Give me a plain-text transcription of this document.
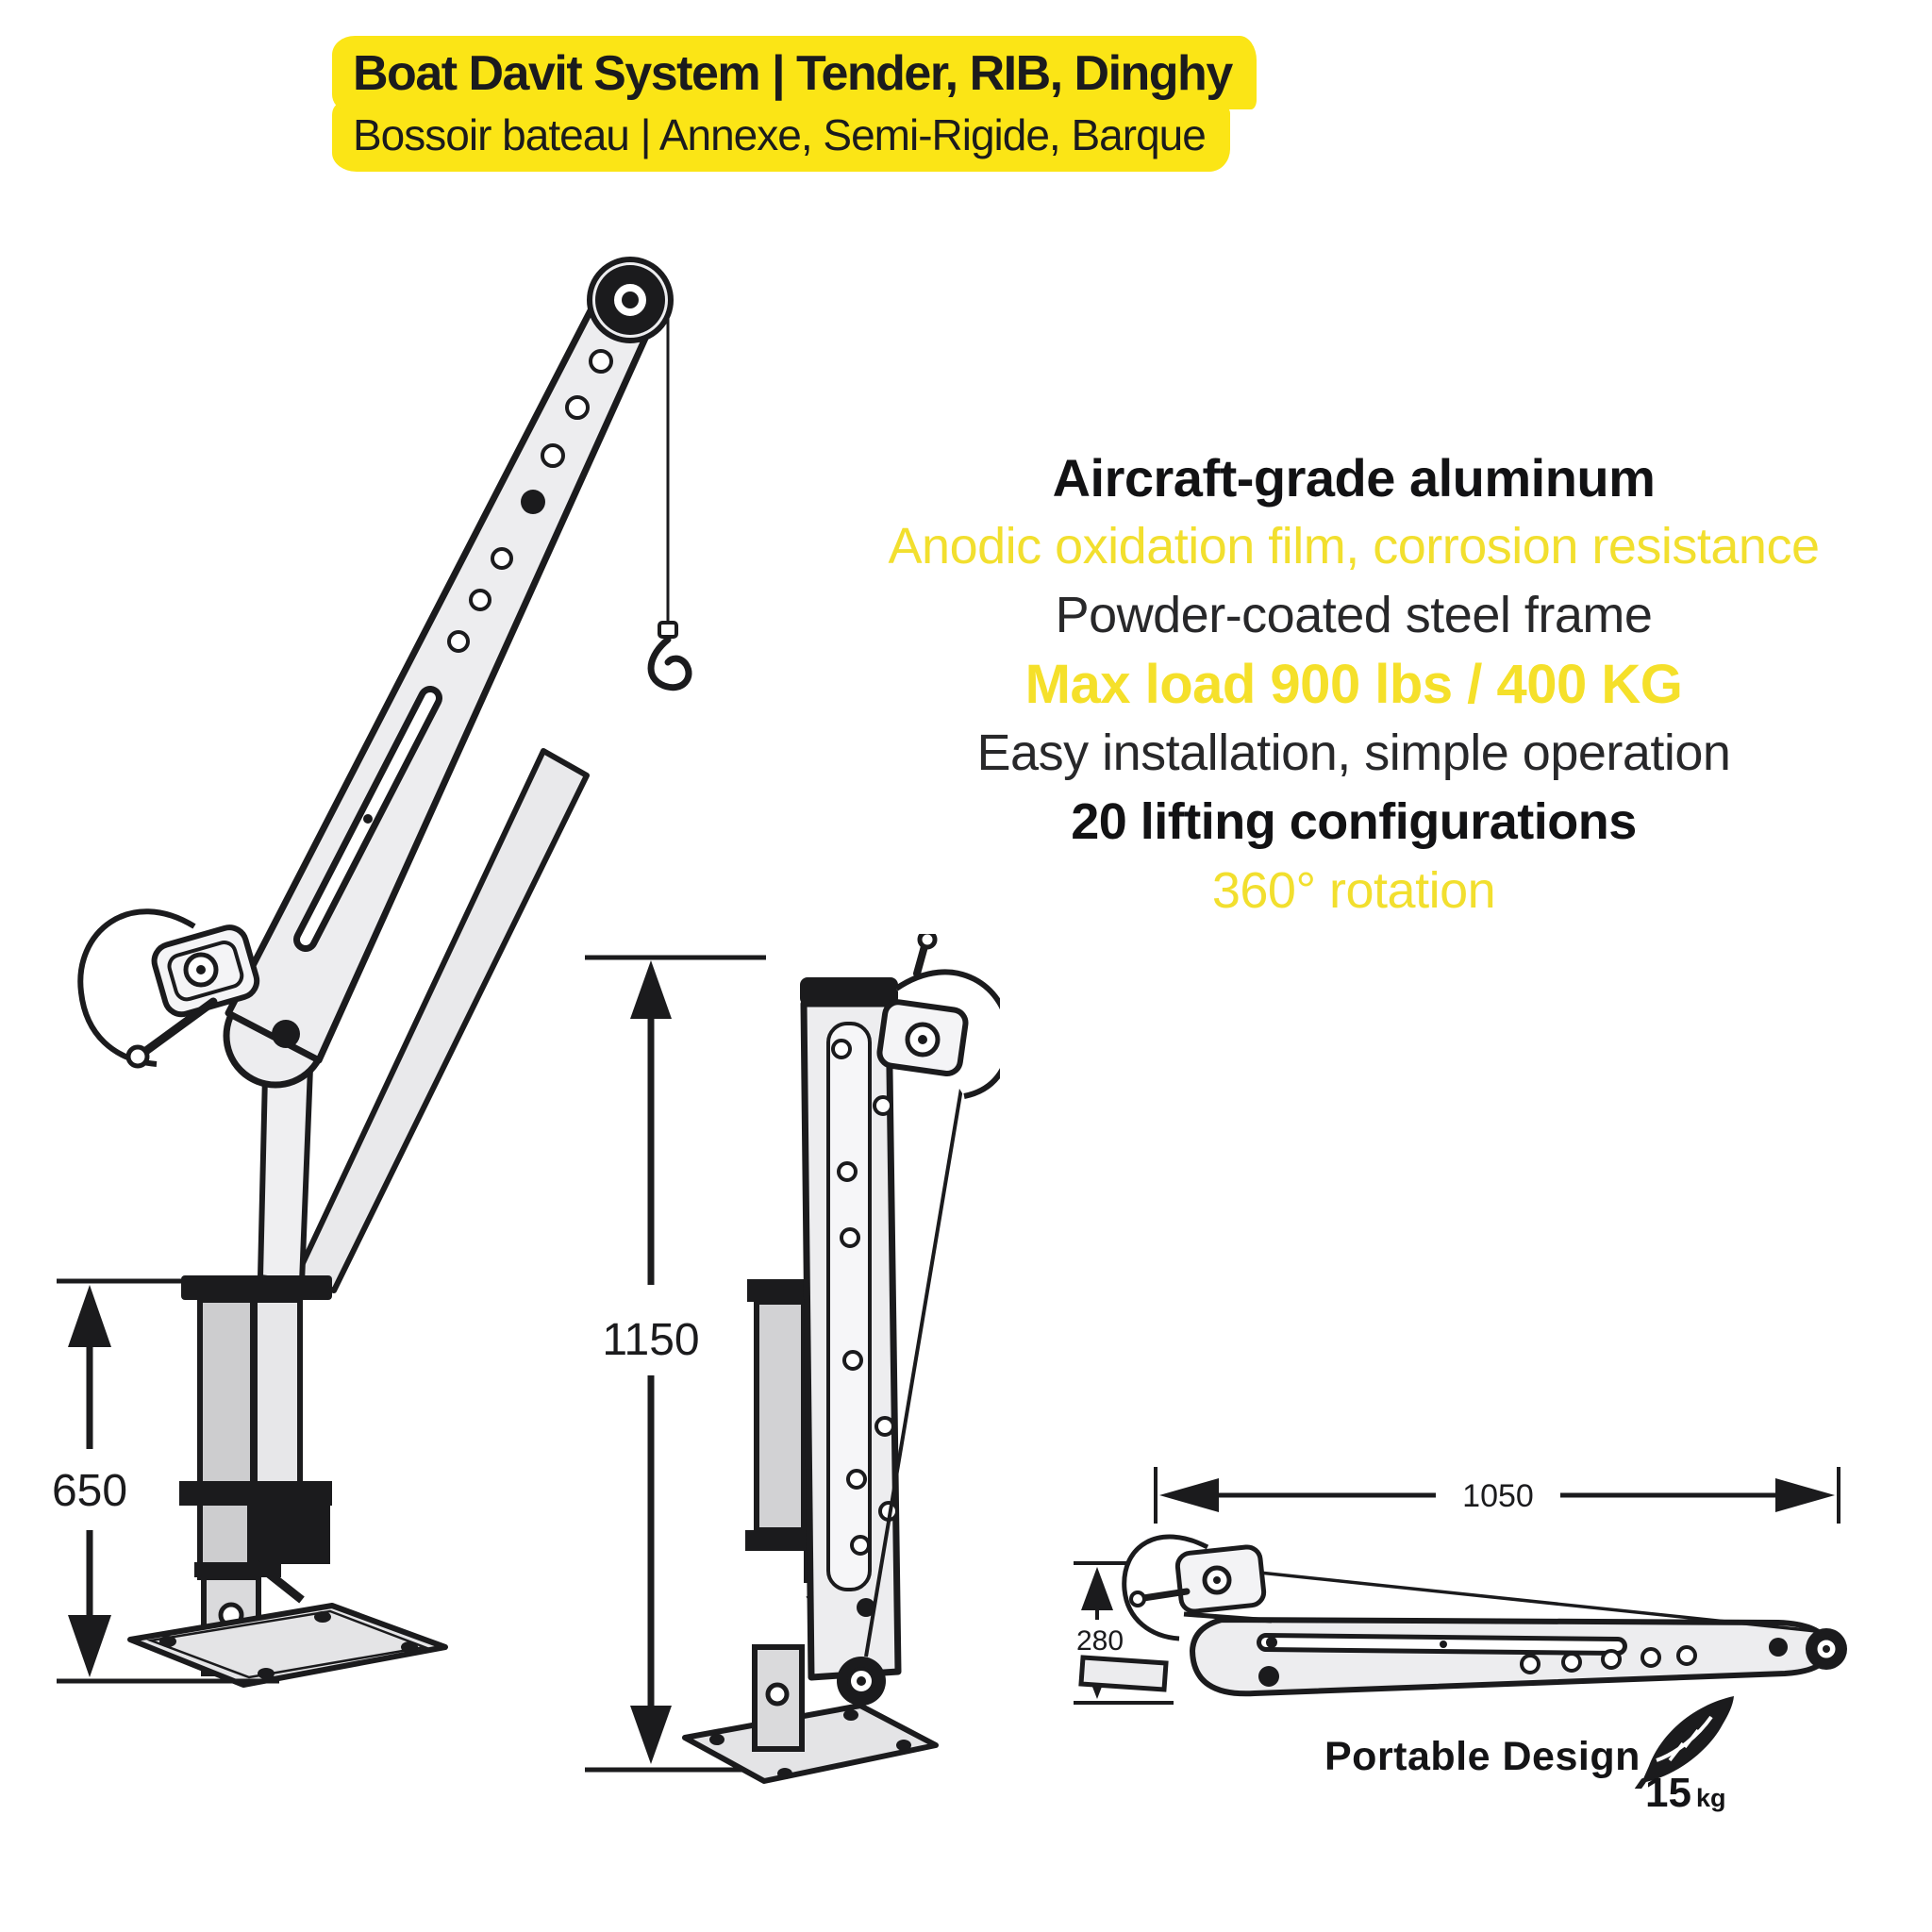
Boat Davit System | Tender, RIB, Dinghy
Bossoir bateau | Annexe, Semi-Rigide, Barque
Aircraft-grade aluminum
Anodic oxidation film, corrosion resistance
Powder-coated steel frame
Max load 900 lbs / 400 KG
Easy installation, simple operation
20 lifting configurations
360° rotation
650
1150
1050
280
Portable Design
15 kg
